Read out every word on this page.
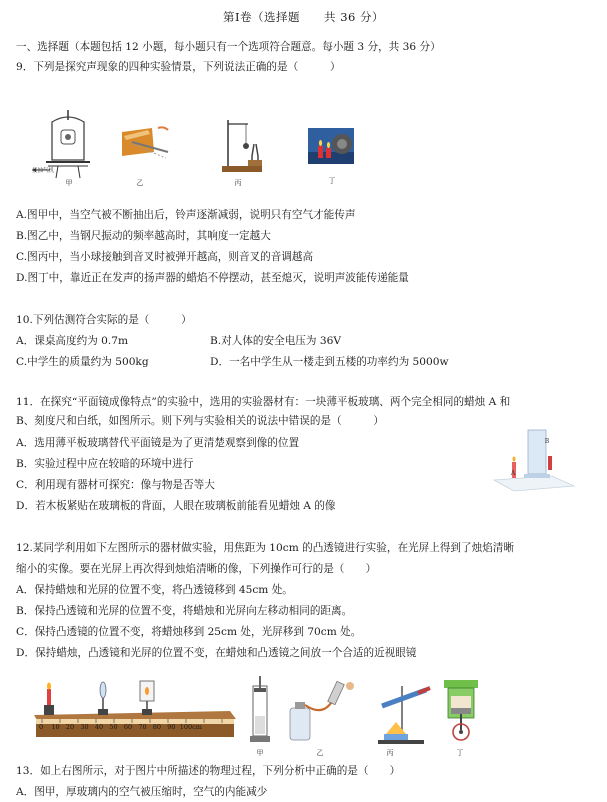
第Ⅰ卷（选择题　　共 36 分）
一、选择题（本题包括 12 小题，每小题只有一个选项符合题意。每小题 3 分，共 36 分）
9．下列是探究声现象的四种实验情景，下列说法正确的是（　　　）
接抽气机
甲	乙	丙	丁
A.图甲中，当空气被不断抽出后，铃声逐渐减弱，说明只有空气才能传声
B.图乙中，当钢尺振动的频率越高时，其响度一定越大
C.图丙中，当小球接触到音叉时被弹开越高，则音叉的音调越高
D.图丁中，靠近正在发声的扬声器的蜡焰不停摆动，甚至熄灭，说明声波能传递能量
10.下列估测符合实际的是（　　　）
A．课桌高度约为 0.7m	B.对人体的安全电压为 36V
C.中学生的质量约为 500kg	D．一名中学生从一楼走到五楼的功率约为 5000w
11．在探究“平面镜成像特点”的实验中，选用的实验器材有：一块薄平板玻璃、两个完全相同的蜡烛 A 和
B、刻度尺和白纸，如图所示。则下列与实验相关的说法中错误的是（　　　）
A．选用薄平板玻璃替代平面镜是为了更清楚观察到像的位置
B．实验过程中应在较暗的环境中进行
C．利用现有器材可探究：像与物是否等大
D．若木板紧贴在玻璃板的背面，人眼在玻璃板前能看见蜡烛 A 的像
A
B
12.某同学利用如下左图所示的器材做实验，用焦距为 10cm 的凸透镜进行实验，在光屏上得到了烛焰清晰
缩小的实像。要在光屏上再次得到烛焰清晰的像，下列操作可行的是（　　）
A．保持蜡烛和光屏的位置不变，将凸透镜移到 45cm 处。
B．保持凸透镜和光屏的位置不变，将蜡烛和光屏向左移动相同的距离。
C．保持凸透镜的位置不变，将蜡烛移到 25cm 处，光屏移到 70cm 处。
D．保持蜡烛，凸透镜和光屏的位置不变，在蜡烛和凸透镜之间放一个合适的近视眼镜
0 10 20 30 40 50 60 70 80 90 100cm
甲	乙	丙	丁
13．如上右图所示，对于图片中所描述的物理过程，下列分析中正确的是（　　）
A．图甲，厚玻璃内的空气被压缩时，空气的内能减少
